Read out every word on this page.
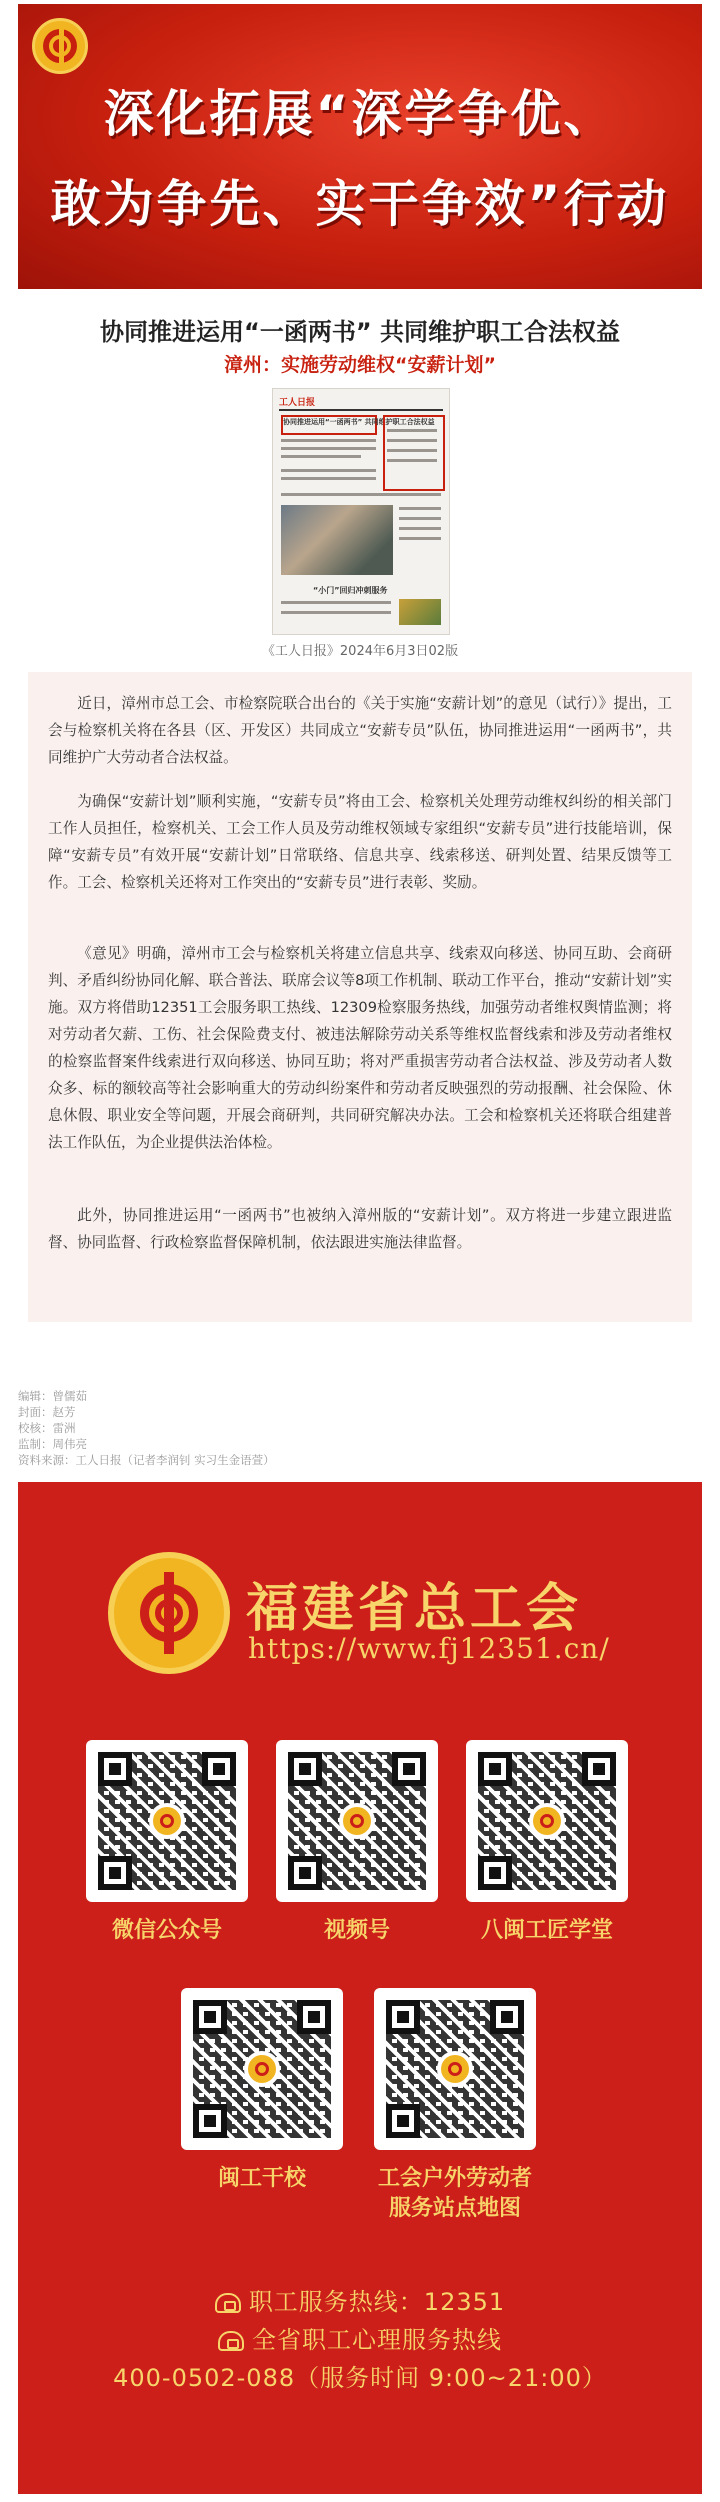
深化拓展“深学争优、
敢为争先、实干争效”行动
协同推进运用“一函两书” 共同维护职工合法权益
漳州：实施劳动维权“安薪计划”
工人日报
协同推进运用“一函两书” 共同维护职工合法权益
“小门”回归冲刺服务
《工人日报》2024年6月3日02版
近日，漳州市总工会、市检察院联合出台的《关于实施“安薪计划”的意见（试行）》提出，工会与检察机关将在各县（区、开发区）共同成立“安薪专员”队伍，协同推进运用“一函两书”，共同维护广大劳动者合法权益。
为确保“安薪计划”顺利实施，“安薪专员”将由工会、检察机关处理劳动维权纠纷的相关部门工作人员担任，检察机关、工会工作人员及劳动维权领域专家组织“安薪专员”进行技能培训，保障“安薪专员”有效开展“安薪计划”日常联络、信息共享、线索移送、研判处置、结果反馈等工作。工会、检察机关还将对工作突出的“安薪专员”进行表彰、奖励。
《意见》明确，漳州市工会与检察机关将建立信息共享、线索双向移送、协同互助、会商研判、矛盾纠纷协同化解、联合普法、联席会议等8项工作机制、联动工作平台，推动“安薪计划”实施。双方将借助12351工会服务职工热线、12309检察服务热线，加强劳动者维权舆情监测；将对劳动者欠薪、工伤、社会保险费支付、被违法解除劳动关系等维权监督线索和涉及劳动者维权的检察监督案件线索进行双向移送、协同互助；将对严重损害劳动者合法权益、涉及劳动者人数众多、标的额较高等社会影响重大的劳动纠纷案件和劳动者反映强烈的劳动报酬、社会保险、休息休假、职业安全等问题，开展会商研判，共同研究解决办法。工会和检察机关还将联合组建普法工作队伍，为企业提供法治体检。
此外，协同推进运用“一函两书”也被纳入漳州版的“安薪计划”。双方将进一步建立跟进监督、协同监督、行政检察监督保障机制，依法跟进实施法律监督。
编辑：曾儒茹
封面：赵芳
校核：雷洲
监制：周伟亮
资料来源：工人日报（记者李润钊 实习生金语萱）
福建省总工会
https://www.fj12351.cn/
微信公众号	视频号	八闽工匠学堂
闽工干校	工会户外劳动者
服务站点地图
职工服务热线：12351
全省职工心理服务热线
400-0502-088（服务时间 9:00~21:00）
